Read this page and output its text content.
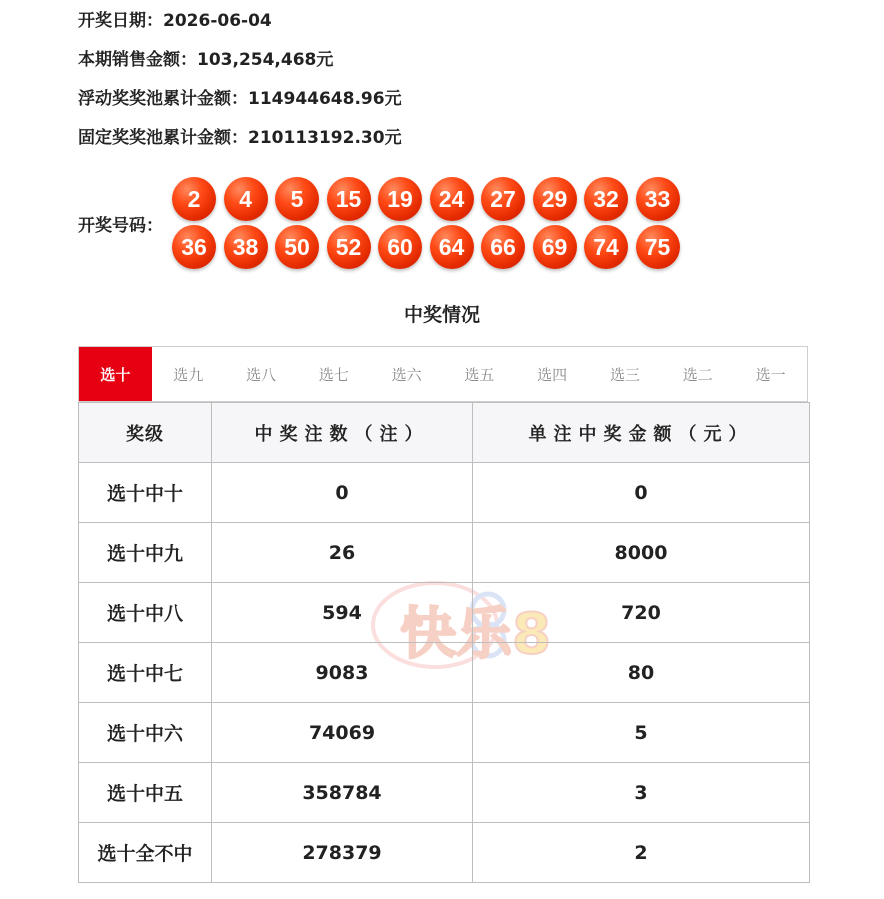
开奖日期：2026-06-04
本期销售金额：103,254,468元
浮动奖奖池累计金额：114944648.96元
固定奖奖池累计金额：210113192.30元
开奖号码：
2	4	5	15	19	24	27	29	32	33
36	38	50	52	60	64	66	69	74	75
中奖情况
选十	选九	选八	选七	选六	选五	选四	选三	选二	选一
快乐8
奖级	中奖注数（注）	单注中奖金额（元）
选十中十	0	0
选十中九	26	8000
选十中八	594	720
选十中七	9083	80
选十中六	74069	5
选十中五	358784	3
选十全不中	278379	2
